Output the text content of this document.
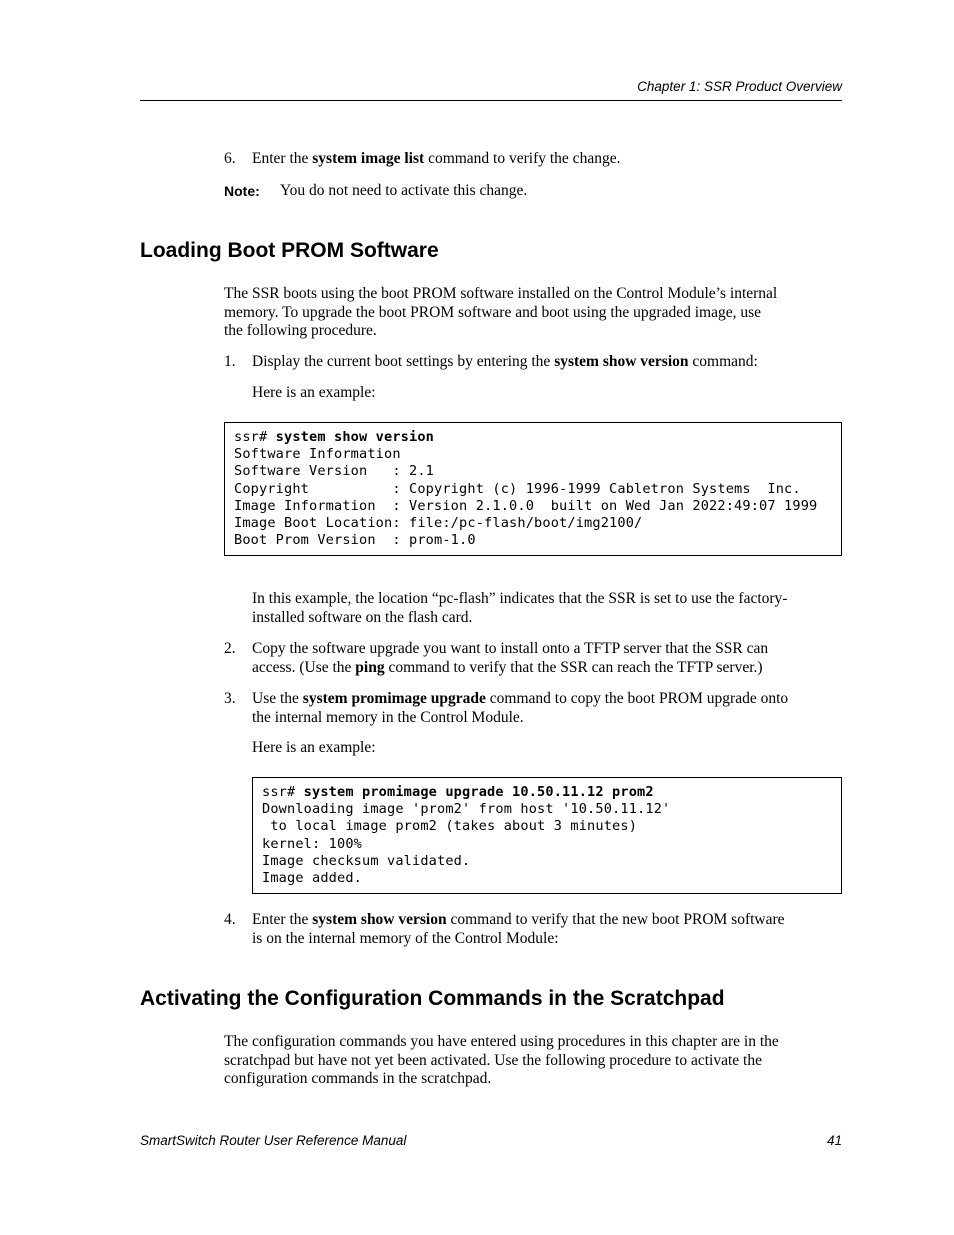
Chapter 1: SSR Product Overview
6.	Enter the system image list command to verify the change.
Note: You do not need to activate this change.
Loading Boot PROM Software
The SSR boots using the boot PROM software installed on the Control Module’s internal
memory. To upgrade the boot PROM software and boot using the upgraded image, use
the following procedure.
1.	Display the current boot settings by entering the system show version command:
Here is an example:
ssr# system show version
Software Information
Software Version   : 2.1
Copyright          : Copyright (c) 1996-1999 Cabletron Systems  Inc.
Image Information  : Version 2.1.0.0  built on Wed Jan 2022:49:07 1999
Image Boot Location: file:/pc-flash/boot/img2100/
Boot Prom Version  : prom-1.0
In this example, the location “pc-flash” indicates that the SSR is set to use the factory-
installed software on the flash card.
2.	Copy the software upgrade you want to install onto a TFTP server that the SSR can
access. (Use the ping command to verify that the SSR can reach the TFTP server.)
3.	Use the system promimage upgrade command to copy the boot PROM upgrade onto
the internal memory in the Control Module.
Here is an example:
ssr# system promimage upgrade 10.50.11.12 prom2
Downloading image 'prom2' from host '10.50.11.12'
to local image prom2 (takes about 3 minutes)
kernel: 100%
Image checksum validated.
Image added.
4.	Enter the system show version command to verify that the new boot PROM software
is on the internal memory of the Control Module:
Activating the Configuration Commands in the Scratchpad
The configuration commands you have entered using procedures in this chapter are in the
scratchpad but have not yet been activated. Use the following procedure to activate the
configuration commands in the scratchpad.
SmartSwitch Router User Reference Manual	41
